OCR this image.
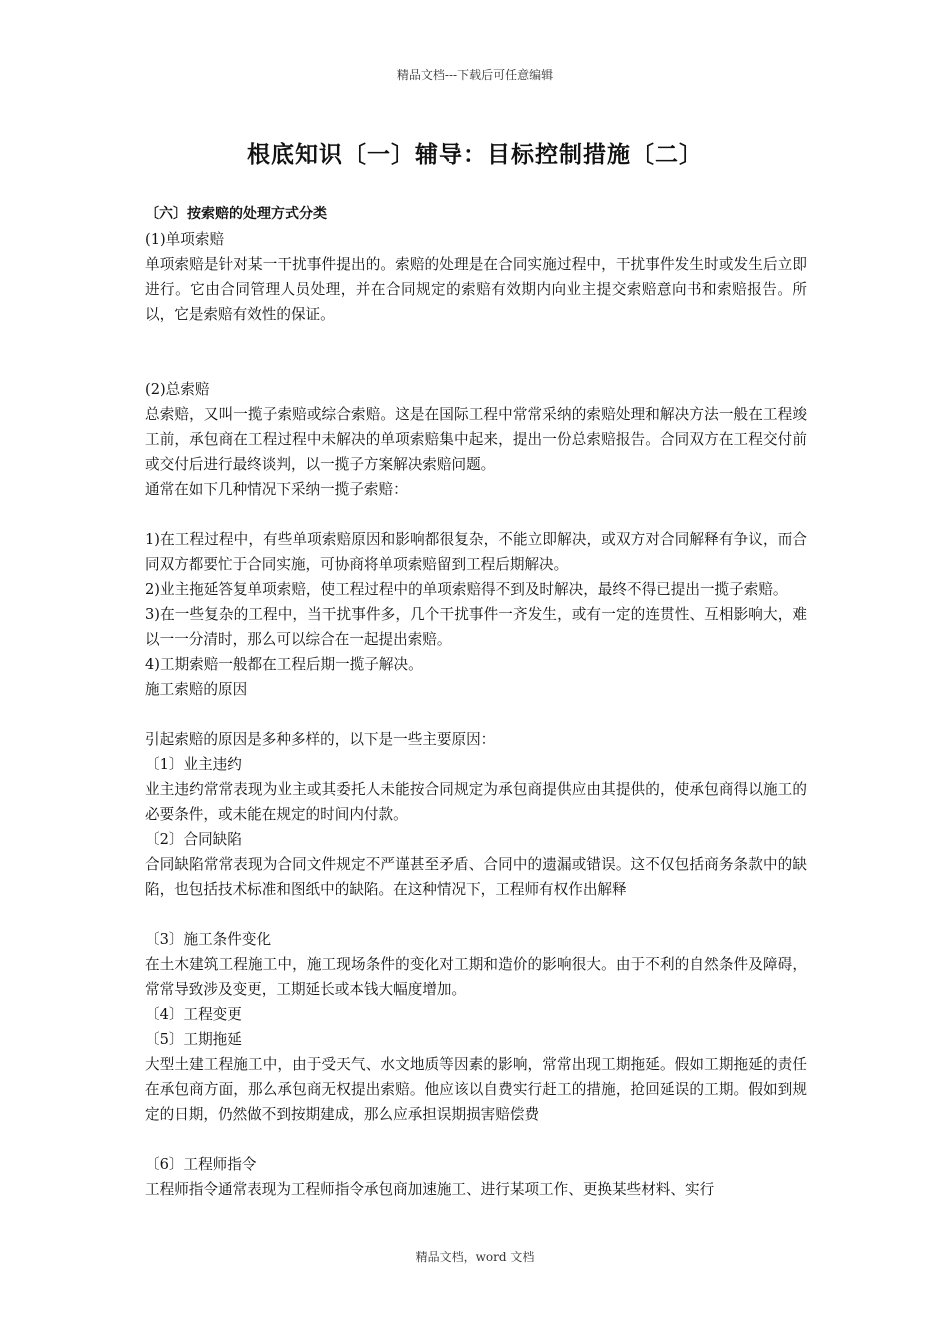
精品文档---下载后可任意编辑
根底知识〔一〕辅导：目标控制措施〔二〕

〔六〕按索赔的处理方式分类

(1)单项索赔

单项索赔是针对某一干扰事件提出的。索赔的处理是在合同实施过程中，干扰事件发生时或发生后立即进行。它由合同管理人员处理，并在合同规定的索赔有效期内向业主提交索赔意向书和索赔报告。所以，它是索赔有效性的保证。

(2)总索赔

总索赔，又叫一揽子索赔或综合索赔。这是在国际工程中常常采纳的索赔处理和解决方法一般在工程竣工前，承包商在工程过程中未解决的单项索赔集中起来，提出一份总索赔报告。合同双方在工程交付前或交付后进行最终谈判，以一揽子方案解决索赔问题。

通常在如下几种情况下采纳一揽子索赔：

1)在工程过程中，有些单项索赔原因和影响都很复杂，不能立即解决，或双方对合同解释有争议，而合同双方都要忙于合同实施，可协商将单项索赔留到工程后期解决。

2)业主拖延答复单项索赔，使工程过程中的单项索赔得不到及时解决，最终不得已提出一揽子索赔。

3)在一些复杂的工程中，当干扰事件多，几个干扰事件一齐发生，或有一定的连贯性、互相影响大，难以一一分清时，那么可以综合在一起提出索赔。

4)工期索赔一般都在工程后期一揽子解决。

施工索赔的原因

引起索赔的原因是多种多样的，以下是一些主要原因：

〔1〕业主违约

业主违约常常表现为业主或其委托人未能按合同规定为承包商提供应由其提供的，使承包商得以施工的必要条件，或未能在规定的时间内付款。

〔2〕合同缺陷

合同缺陷常常表现为合同文件规定不严谨甚至矛盾、合同中的遗漏或错误。这不仅包括商务条款中的缺陷，也包括技术标准和图纸中的缺陷。在这种情况下，工程师有权作出解释

〔3〕施工条件变化

在土木建筑工程施工中，施工现场条件的变化对工期和造价的影响很大。由于不利的自然条件及障碍，常常导致涉及变更，工期延长或本钱大幅度增加。

〔4〕工程变更

〔5〕工期拖延

大型土建工程施工中，由于受天气、水文地质等因素的影响，常常出现工期拖延。假如工期拖延的责任在承包商方面，那么承包商无权提出索赔。他应该以自费实行赶工的措施，抢回延误的工期。假如到规定的日期，仍然做不到按期建成，那么应承担误期损害赔偿费

〔6〕工程师指令

工程师指令通常表现为工程师指令承包商加速施工、进行某项工作、更换某些材料、实行

精品文档，word 文档
